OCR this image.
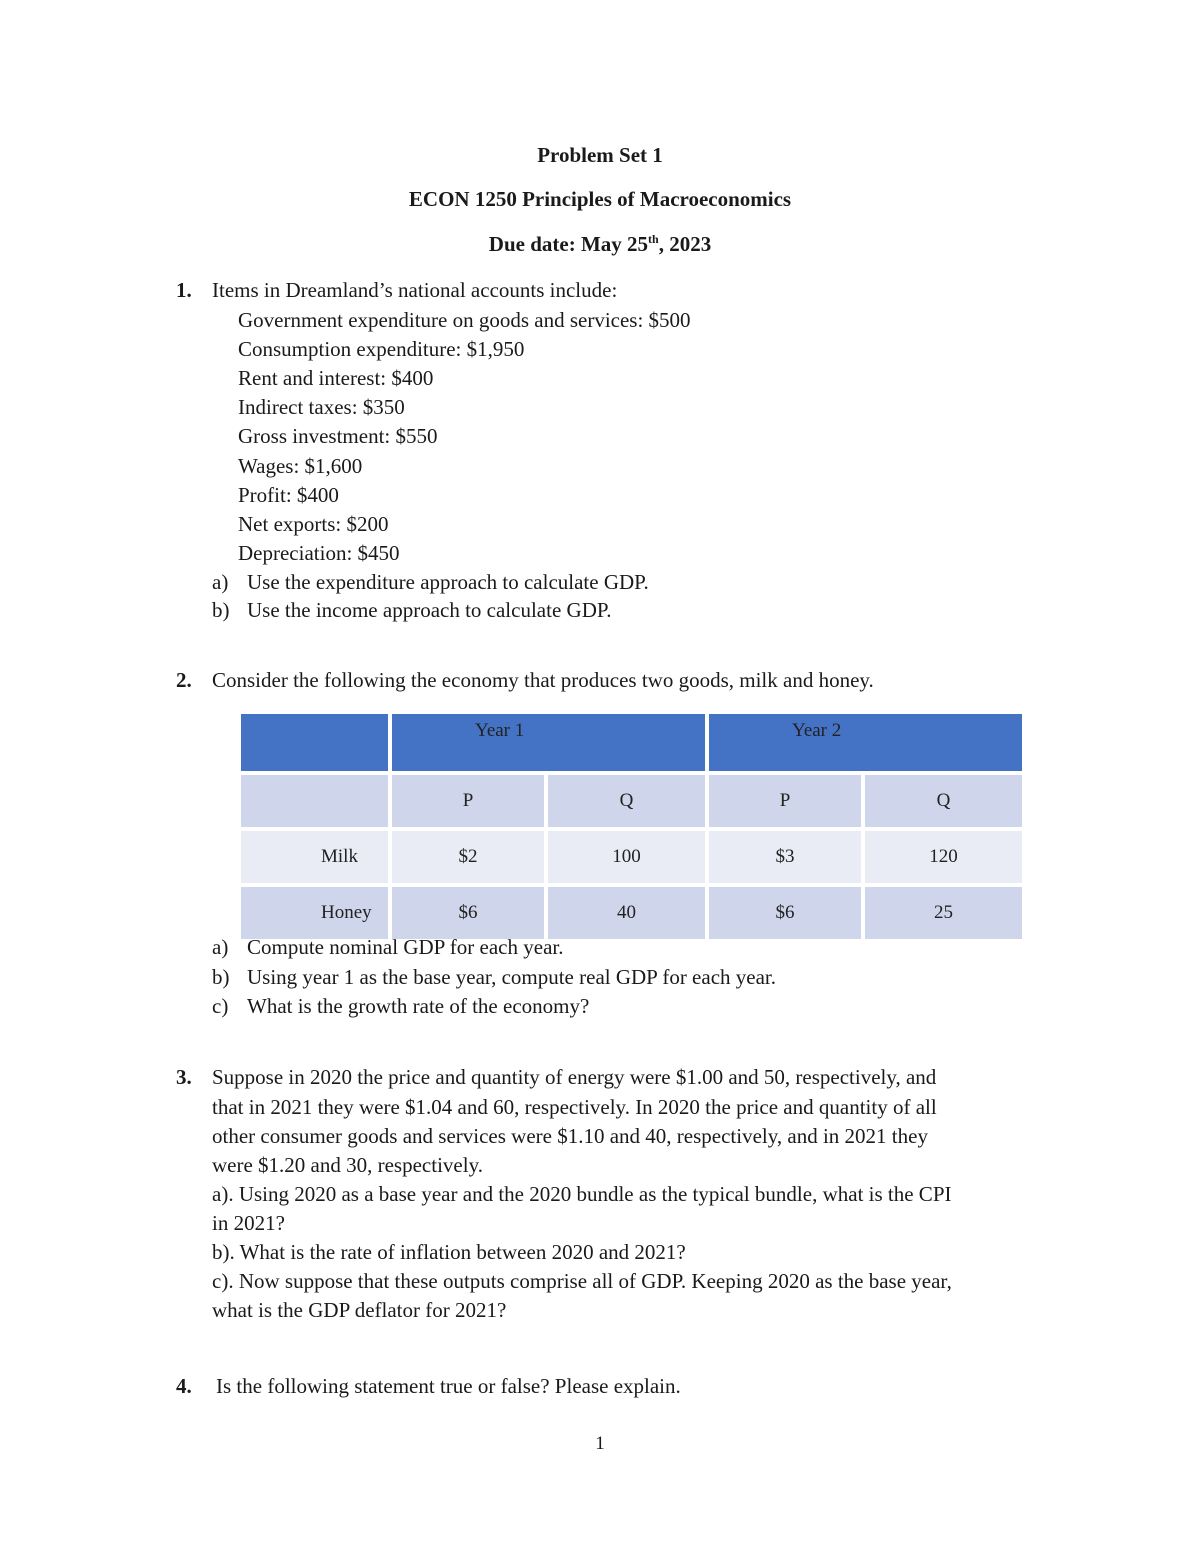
Problem Set 1
ECON 1250 Principles of Macroeconomics
Due date: May 25th, 2023
1. Items in Dreamland’s national accounts include:
Government expenditure on goods and services: $500
Consumption expenditure: $1,950
Rent and interest: $400
Indirect taxes: $350
Gross investment: $550
Wages: $1,600
Profit: $400
Net exports: $200
Depreciation: $450
a) Use the expenditure approach to calculate GDP.
b) Use the income approach to calculate GDP.
2. Consider the following the economy that produces two goods, milk and honey.
	Year 1		Year 2	
	P	Q	P	Q
Milk	$2	100	$3	120
Honey	$6	40	$6	25
a) Compute nominal GDP for each year.
b) Using year 1 as the base year, compute real GDP for each year.
c) What is the growth rate of the economy?
3. Suppose in 2020 the price and quantity of energy were $1.00 and 50, respectively, and
that in 2021 they were $1.04 and 60, respectively. In 2020 the price and quantity of all
other consumer goods and services were $1.10 and 40, respectively, and in 2021 they
were $1.20 and 30, respectively.
a). Using 2020 as a base year and the 2020 bundle as the typical bundle, what is the CPI
in 2021?
b). What is the rate of inflation between 2020 and 2021?
c). Now suppose that these outputs comprise all of GDP. Keeping 2020 as the base year,
what is the GDP deflator for 2021?
4. Is the following statement true or false? Please explain.
1
